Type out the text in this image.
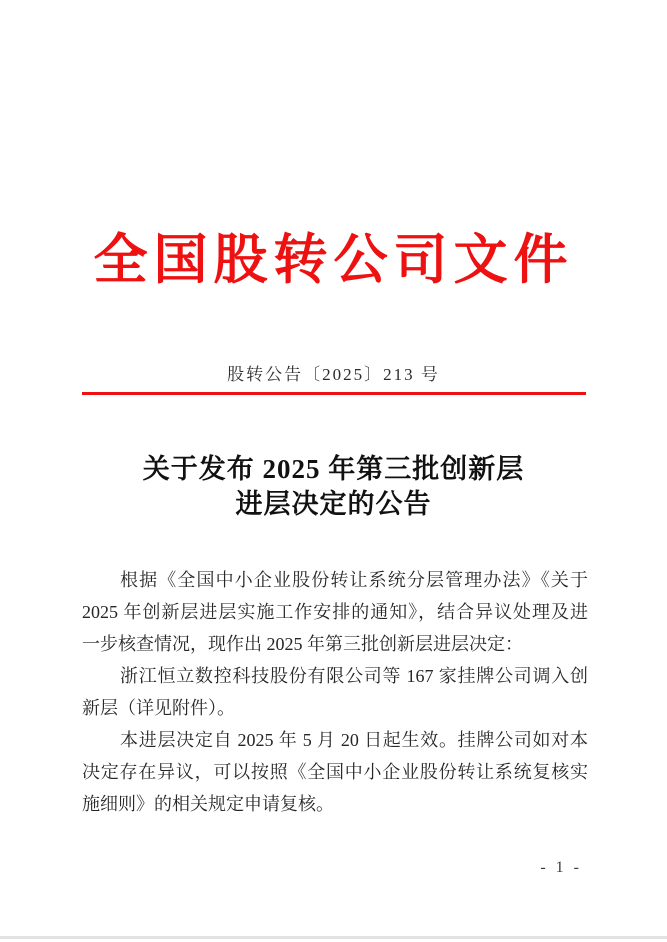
全国股转公司文件
股转公告〔2025〕213 号
关于发布 2025 年第三批创新层
进层决定的公告
根据《全国中小企业股份转让系统分层管理办法》《关于
2025 年创新层进层实施工作安排的通知》，结合异议处理及进
一步核查情况，现作出 2025 年第三批创新层进层决定：
浙江恒立数控科技股份有限公司等 167 家挂牌公司调入创
新层（详见附件）。
本进层决定自 2025 年 5 月 20 日起生效。挂牌公司如对本
决定存在异议，可以按照《全国中小企业股份转让系统复核实
施细则》的相关规定申请复核。
- 1 -
